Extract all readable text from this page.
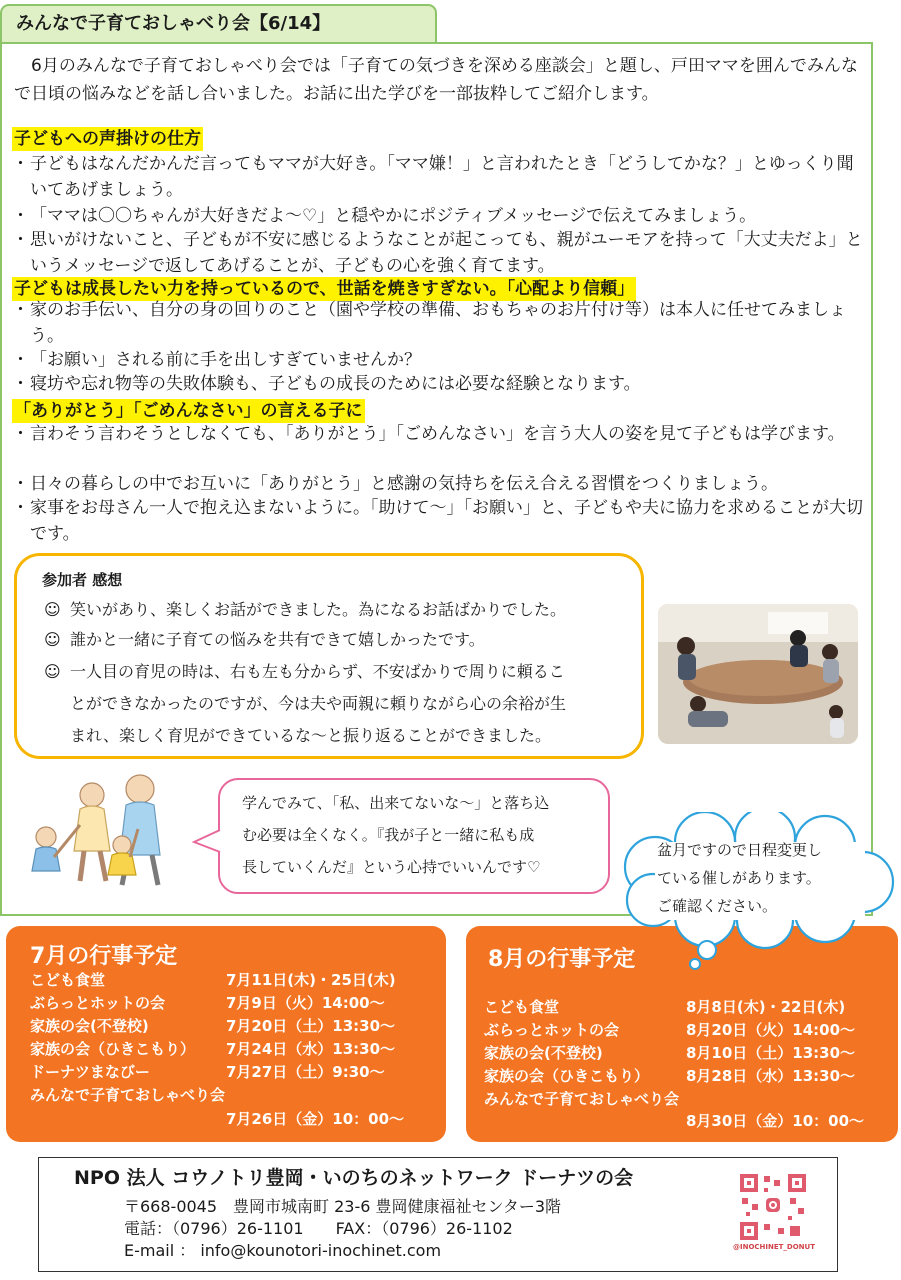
みんなで子育ておしゃべり会【6/14】

6月のみんなで子育ておしゃべり会では「子育ての気づきを深める座談会」と題し、戸田ママを囲んでみんなで日頃の悩みなどを話し合いました。お話に出た学びを一部抜粋してご紹介します。

子どもへの声掛けの仕方

・ 子どもはなんだかんだ言ってもママが大好き。「ママ嫌！」と言われたとき「どうしてかな？」とゆっくり聞いてあげましょう。

・ 「ママは〇〇ちゃんが大好きだよ～♡」と穏やかにポジティブメッセージで伝えてみましょう。

・ 思いがけないこと、子どもが不安に感じるようなことが起こっても、親がユーモアを持って「大丈夫だよ」というメッセージで返してあげることが、子どもの心を強く育てます。

子どもは成長したい力を持っているので、世話を焼きすぎない。「心配より信頼」

・ 家のお手伝い、自分の身の回りのこと（園や学校の準備、おもちゃのお片付け等）は本人に任せてみましょう。

・ 「お願い」される前に手を出しすぎていませんか？

・ 寝坊や忘れ物等の失敗体験も、子どもの成長のためには必要な経験となります。

「ありがとう」「ごめんなさい」の言える子に

・ 言わそう言わそうとしなくても、「ありがとう」「ごめんなさい」を言う大人の姿を見て子どもは学びます。

・ 日々の暮らしの中でお互いに「ありがとう」と感謝の気持ちを伝え合える習慣をつくりましょう。

・ 家事をお母さん一人で抱え込まないように。「助けて～」「お願い」と、子どもや夫に協力を求めることが大切です。

参加者 感想

☺ 笑いがあり、楽しくお話ができました。為になるお話ばかりでした。

☺ 誰かと一緒に子育ての悩みを共有できて嬉しかったです。

☺ 一人目の育児の時は、右も左も分からず、不安ばかりで周りに頼るこ
とができなかったのですが、今は夫や両親に頼りながら心の余裕が生
まれ、楽しく育児ができているな～と振り返ることができました。

学んでみて、「私、出来てないな～」と落ち込
む必要は全くなく。『我が子と一緒に私も成
長していくんだ』という心持でいいんです♡
7月の行事予定
こども食堂	7月11日(木)・25日(木)
ぶらっとホットの会	7月9日（火）14:00～
家族の会(不登校)	7月20日（土）13:30～
家族の会（ひきこもり） 7月24日（水）13:30～
ドーナツまなびー	7月27日（土）9:30～
みんなで子育ておしゃべり会
7月26日（金）10：00～
8月の行事予定
こども食堂	8月8日(木)・22日(木)
ぶらっとホットの会	8月20日（火）14:00～
家族の会(不登校)	8月10日（土）13:30～
家族の会（ひきこもり） 8月28日（水）13:30～
みんなで子育ておしゃべり会
8月30日（金）10：00～
盆月ですので日程変更し
ている催しがあります。
ご確認ください。
NPO 法人 コウノトリ豊岡・いのちのネットワーク ドーナツの会
〒668-0045　豊岡市城南町 23-6 豊岡健康福祉センター3階
電話：（0796）26-1101　　FAX：（0796）26-1102
E-mail ： info@kounotori-inochinet.com	@INOCHINET_DONUT
